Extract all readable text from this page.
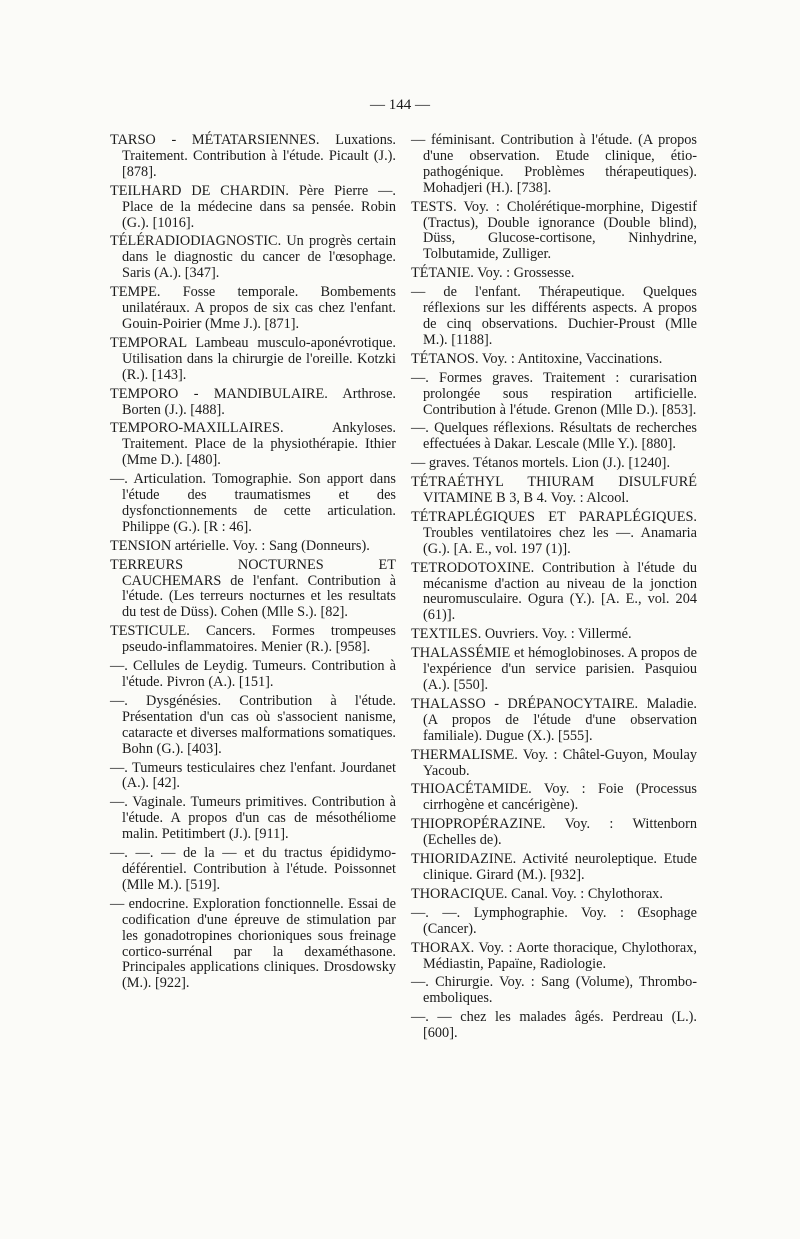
— 144 —

TARSO - MÉTATARSIENNES. Luxations. Traitement. Contribution à l'étude. Picault (J.). [878].

TEILHARD DE CHARDIN. Père Pierre —. Place de la médecine dans sa pensée. Robin (G.). [1016].

TÉLÉRADIODIAGNOSTIC. Un progrès certain dans le diagnostic du cancer de l'œsophage. Saris (A.). [347].

TEMPE. Fosse temporale. Bombements unilatéraux. A propos de six cas chez l'enfant. Gouin-Poirier (Mme J.). [871].

TEMPORAL Lambeau musculo-aponévrotique. Utilisation dans la chirurgie de l'oreille. Kotzki (R.). [143].

TEMPORO - MANDIBULAIRE. Arthrose. Borten (J.). [488].

TEMPORO-MAXILLAIRES. Ankyloses. Traitement. Place de la physiothérapie. Ithier (Mme D.). [480].

—. Articulation. Tomographie. Son apport dans l'étude des traumatismes et des dysfonctionnements de cette articulation. Philippe (G.). [R : 46].

TENSION artérielle. Voy. : Sang (Donneurs).

TERREURS NOCTURNES ET CAUCHEMARS de l'enfant. Contribution à l'étude. (Les terreurs nocturnes et les resultats du test de Düss). Cohen (Mlle S.). [82].

TESTICULE. Cancers. Formes trompeuses pseudo-inflammatoires. Menier (R.). [958].

—. Cellules de Leydig. Tumeurs. Contribution à l'étude. Pivron (A.). [151].

—. Dysgénésies. Contribution à l'étude. Présentation d'un cas où s'associent nanisme, cataracte et diverses malformations somatiques. Bohn (G.). [403].

—. Tumeurs testiculaires chez l'enfant. Jourdanet (A.). [42].

—. Vaginale. Tumeurs primitives. Contribution à l'étude. A propos d'un cas de mésothéliome malin. Petitimbert (J.). [911].

—. —. — de la — et du tractus épididymo-déférentiel. Contribution à l'étude. Poissonnet (Mlle M.). [519].

— endocrine. Exploration fonctionnelle. Essai de codification d'une épreuve de stimulation par les gonadotropines chorioniques sous freinage cortico-surrénal par la dexaméthasone. Principales applications cliniques. Drosdowsky (M.). [922].

— féminisant. Contribution à l'étude. (A propos d'une observation. Etude clinique, étio-pathogénique. Problèmes thérapeutiques). Mohadjeri (H.). [738].

TESTS. Voy. : Cholérétique-morphine, Digestif (Tractus), Double ignorance (Double blind), Düss, Glucose-cortisone, Ninhydrine, Tolbutamide, Zulliger.

TÉTANIE. Voy. : Grossesse.

— de l'enfant. Thérapeutique. Quelques réflexions sur les différents aspects. A propos de cinq observations. Duchier-Proust (Mlle M.). [1188].

TÉTANOS. Voy. : Antitoxine, Vaccinations.

—. Formes graves. Traitement : curarisation prolongée sous respiration artificielle. Contribution à l'étude. Grenon (Mlle D.). [853].

—. Quelques réflexions. Résultats de recherches effectuées à Dakar. Lescale (Mlle Y.). [880].

— graves. Tétanos mortels. Lion (J.). [1240].

TÉTRAÉTHYL THIURAM DISULFURÉ VITAMINE B 3, B 4. Voy. : Alcool.

TÉTRAPLÉGIQUES ET PARAPLÉGIQUES. Troubles ventilatoires chez les —. Anamaria (G.). [A. E., vol. 197 (1)].

TETRODOTOXINE. Contribution à l'étude du mécanisme d'action au niveau de la jonction neuromusculaire. Ogura (Y.). [A. E., vol. 204 (61)].

TEXTILES. Ouvriers. Voy. : Villermé.

THALASSÉMIE et hémoglobinoses. A propos de l'expérience d'un service parisien. Pasquiou (A.). [550].

THALASSO - DRÉPANOCYTAIRE. Maladie. (A propos de l'étude d'une observation familiale). Dugue (X.). [555].

THERMALISME. Voy. : Châtel-Guyon, Moulay Yacoub.

THIOACÉTAMIDE. Voy. : Foie (Processus cirrhogène et cancérigène).

THIOPROPÉRAZINE. Voy. : Wittenborn (Echelles de).

THIORIDAZINE. Activité neuroleptique. Etude clinique. Girard (M.). [932].

THORACIQUE. Canal. Voy. : Chylothorax.

—. —. Lymphographie. Voy. : Œsophage (Cancer).

THORAX. Voy. : Aorte thoracique, Chylothorax, Médiastin, Papaïne, Radiologie.

—. Chirurgie. Voy. : Sang (Volume), Thrombo-emboliques.

—. — chez les malades âgés. Perdreau (L.). [600].
